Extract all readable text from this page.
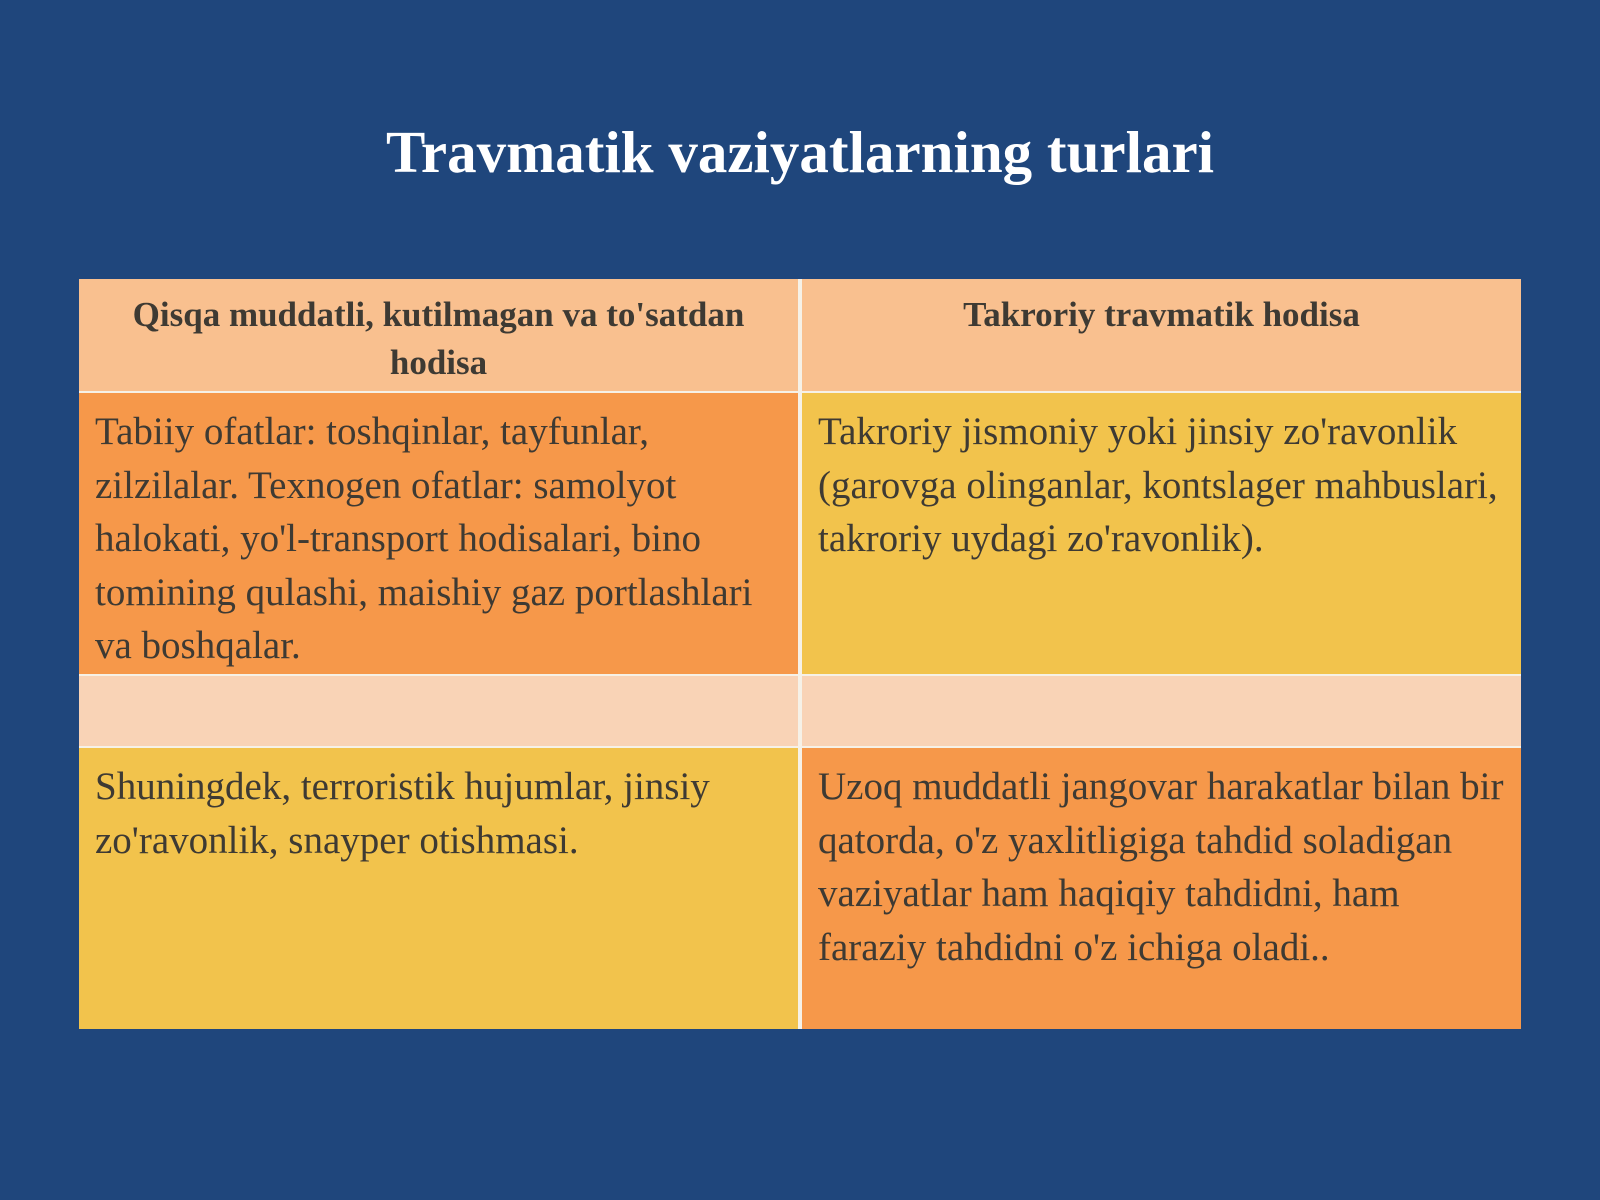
Travmatik vaziyatlarning turlari
Qisqa muddatli, kutilmagan va to'satdan hodisa
Takroriy travmatik hodisa
Tabiiy ofatlar: toshqinlar, tayfunlar, zilzilalar. Texnogen ofatlar: samolyot halokati, yo'l-transport hodisalari, bino tomining qulashi, maishiy gaz portlashlari va boshqalar.
Takroriy jismoniy yoki jinsiy zo'ravonlik (garovga olinganlar, kontslager mahbuslari, takroriy uydagi zo'ravonlik).
Shuningdek, terroristik hujumlar, jinsiy zo'ravonlik, snayper otishmasi.
Uzoq muddatli jangovar harakatlar bilan bir qatorda, o'z yaxlitligiga tahdid soladigan vaziyatlar ham haqiqiy tahdidni, ham faraziy tahdidni o'z ichiga oladi..
